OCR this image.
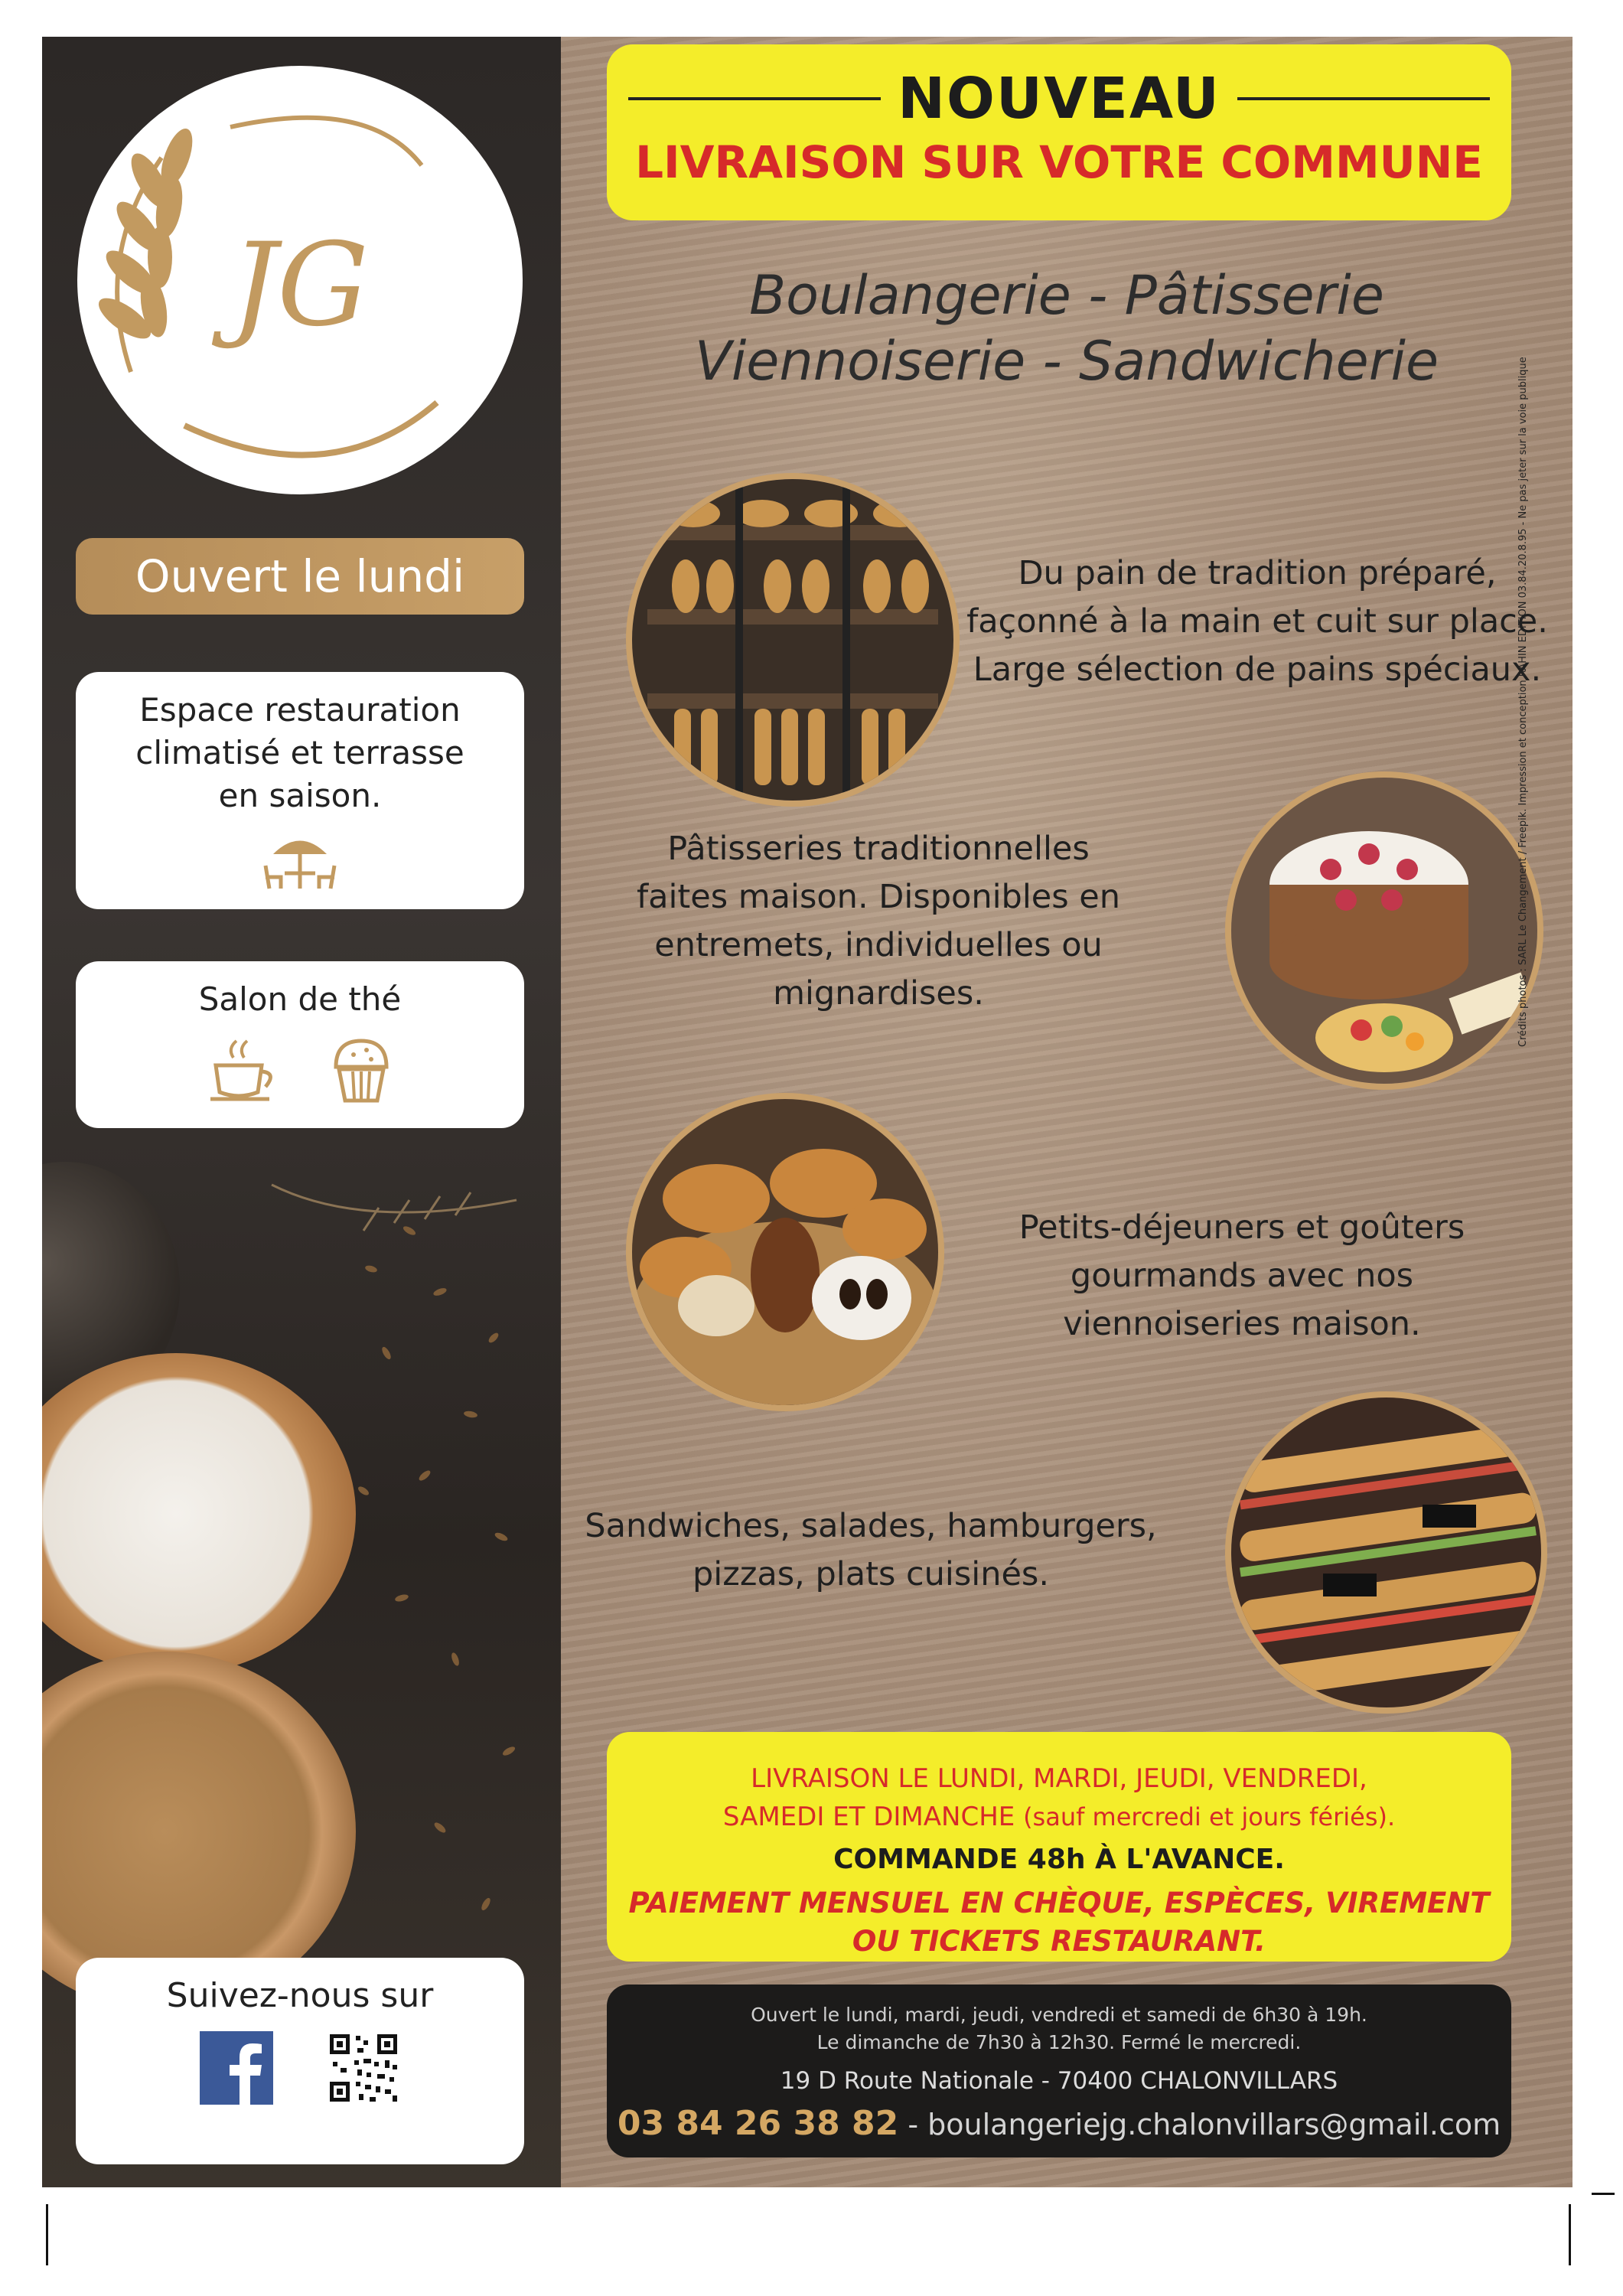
JG
Ouvert le lundi
Espace restauration
climatisé et terrasse
en saison.
Salon de thé
Suivez-nous sur
NOUVEAU
LIVRAISON SUR VOTRE COMMUNE
Boulangerie - Pâtisserie
Viennoiserie - Sandwicherie
Du pain de tradition préparé,
façonné à la main et cuit sur place.
Large sélection de pains spéciaux.
Pâtisseries traditionnelles
faites maison. Disponibles en
entremets, individuelles ou
mignardises.
Petits-déjeuners et goûters
gourmands avec nos
viennoiseries maison.
Sandwiches, salades, hamburgers,
pizzas, plats cuisinés.
LIVRAISON LE LUNDI, MARDI, JEUDI, VENDREDI,
SAMEDI ET DIMANCHE (sauf mercredi et jours fériés).
COMMANDE 48h À L'AVANCE.
PAIEMENT MENSUEL EN CHÈQUE, ESPÈCES, VIREMENT
OU TICKETS RESTAURANT.
Ouvert le lundi, mardi, jeudi, vendredi et samedi de 6h30 à 19h.
Le dimanche de 7h30 à 12h30. Fermé le mercredi.
19 D Route Nationale - 70400 CHALONVILLARS
03 84 26 38 82 - boulangeriejg.chalonvillars@gmail.com
Crédits photos : SARL Le Changement / Freepik. Impression et conception RAHIN EDITION 03.84.20.8.95 - Ne pas jeter sur la voie publique
